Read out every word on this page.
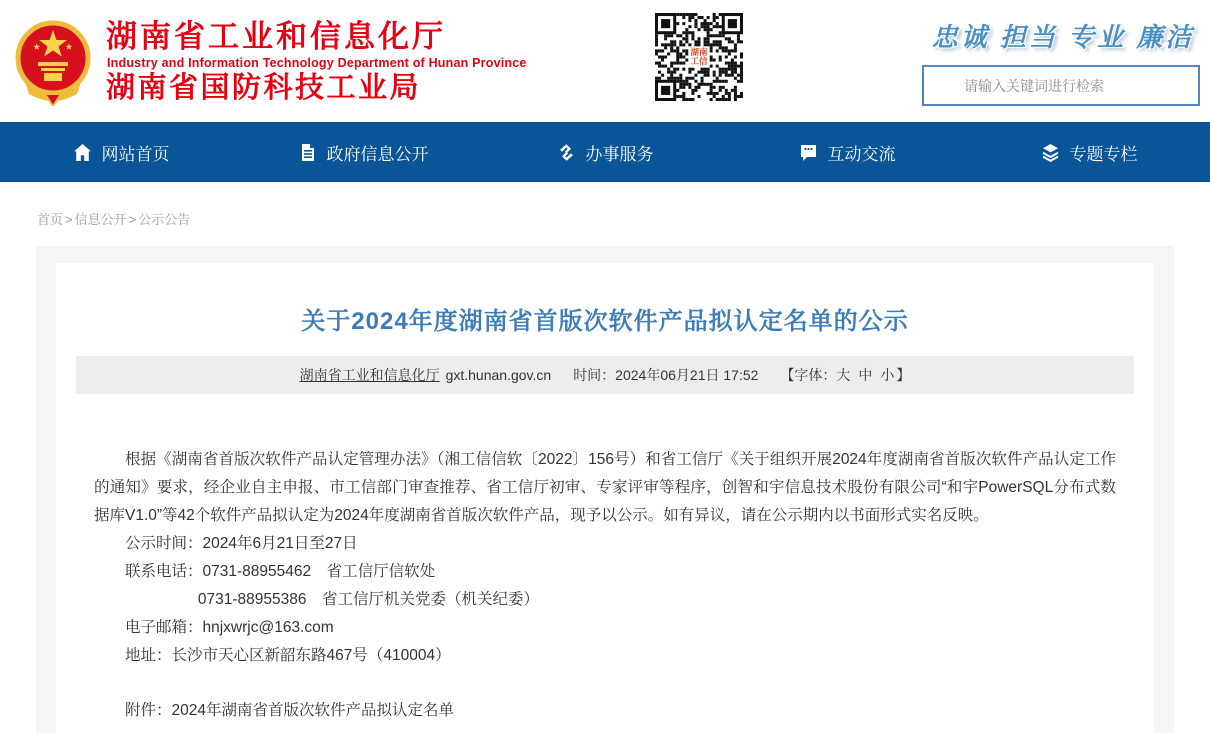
湖南省工业和信息化厅
Industry and Information Technology Department of Hunan Province
湖南省国防科技工业局
湖南
工信
忠诚 担当 专业 廉洁
请输入关键词进行检索
网站首页	政府信息公开	办事服务	互动交流	专题专栏
首页 > 信息公开 > 公示公告
关于2024年度湖南省首版次软件产品拟认定名单的公示
湖南省工业和信息化厅 gxt.hunan.gov.cn 时间：2024年06月21日 17:52 【字体： 大 中 小 】

根据《湖南省首版次软件产品认定管理办法》（湘工信信软〔2022〕156号）和省工信厅《关于组织开展2024年度湖南省首版次软件产品认定工作的通知》要求，经企业自主申报、市工信部门审查推荐、省工信厅初审、专家评审等程序，创智和宇信息技术股份有限公司“和宇PowerSQL分布式数据库V1.0”等42个软件产品拟认定为2024年度湖南省首版次软件产品，现予以公示。如有异议，请在公示期内以书面形式实名反映。

公示时间：2024年6月21日至27日

联系电话：0731-88955462　省工信厅信软处

0731-88955386　省工信厅机关党委（机关纪委）

电子邮箱：hnjxwrjc@163.com

地址：长沙市天心区新韶东路467号（410004）

附件：2024年湖南省首版次软件产品拟认定名单
